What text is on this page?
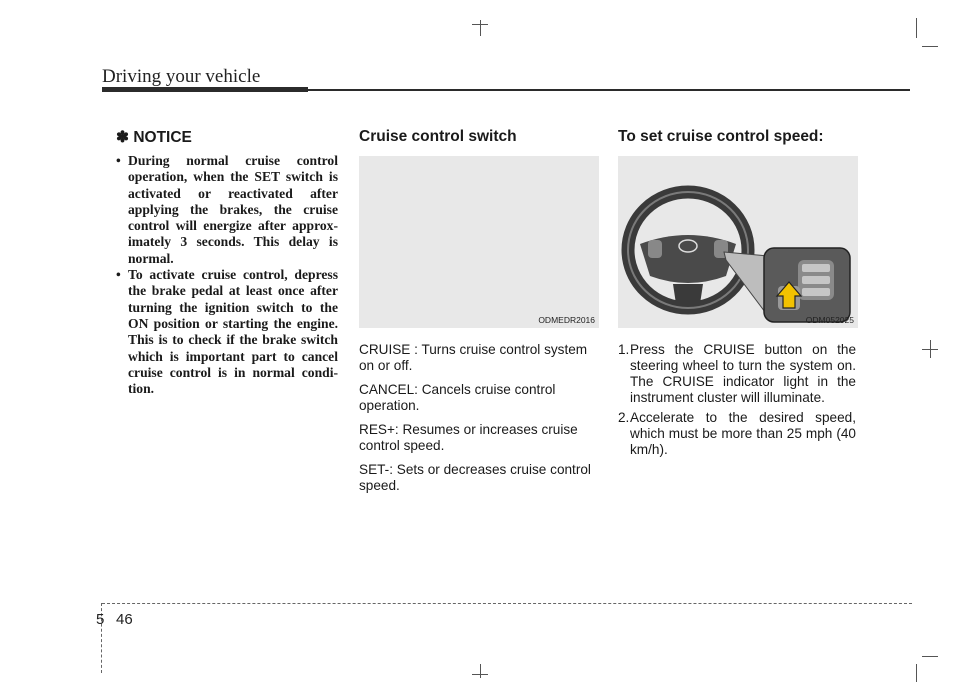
Driving your vehicle
✽ NOTICE
• During normal cruise control operation, when the SET switch is activated or reactivated after applying the brakes, the cruise control will energize after approximately 3 seconds. This delay is normal.
• To activate cruise control, depress the brake pedal at least once after turning the ignition switch to the ON position or starting the engine. This is to check if the brake switch which is important part to cancel cruise control is in normal condition.
Cruise control switch
ODMEDR2016
CRUISE : Turns cruise control system on or off.
CANCEL: Cancels cruise control operation.
RES+: Resumes or increases cruise control speed.
SET-: Sets or decreases cruise control speed.
To set cruise control speed:
ODM052025
1. Press the CRUISE button on the steering wheel to turn the system on. The CRUISE indicator light in the instrument cluster will illuminate.
2. Accelerate to the desired speed, which must be more than 25 mph (40 km/h).
5 46
